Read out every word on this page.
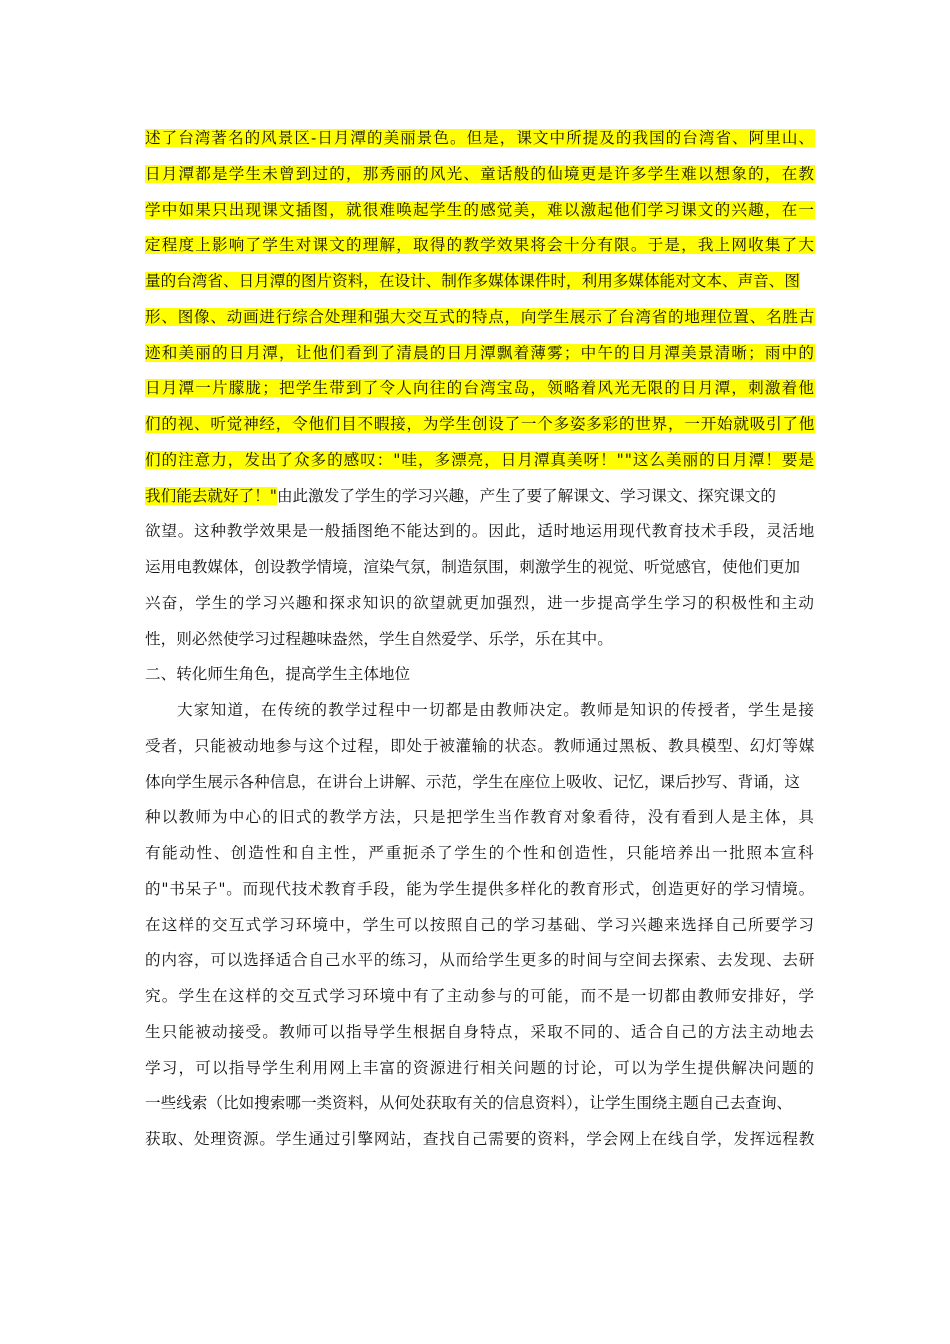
述了台湾著名的风景区-日月潭的美丽景色。但是，课文中所提及的我国的台湾省、阿里山、
日月潭都是学生未曾到过的，那秀丽的风光、童话般的仙境更是许多学生难以想象的，在教
学中如果只出现课文插图，就很难唤起学生的感觉美，难以激起他们学习课文的兴趣，在一
定程度上影响了学生对课文的理解，取得的教学效果将会十分有限。于是，我上网收集了大
量的台湾省、日月潭的图片资料，在设计、制作多媒体课件时，利用多媒体能对文本、声音、图
形、图像、动画进行综合处理和强大交互式的特点，向学生展示了台湾省的地理位置、名胜古
迹和美丽的日月潭，让他们看到了清晨的日月潭飘着薄雾；中午的日月潭美景清晰；雨中的
日月潭一片朦胧；把学生带到了令人向往的台湾宝岛，领略着风光无限的日月潭，刺激着他
们的视、听觉神经，令他们目不暇接，为学生创设了一个多姿多彩的世界，一开始就吸引了他
们的注意力，发出了众多的感叹："哇，多漂亮，日月潭真美呀！""这么美丽的日月潭！要是
我们能去就好了！"由此激发了学生的学习兴趣，产生了要了解课文、学习课文、探究课文的
欲望。这种教学效果是一般插图绝不能达到的。因此，适时地运用现代教育技术手段，灵活地
运用电教媒体，创设教学情境，渲染气氛，制造氛围，刺激学生的视觉、听觉感官，使他们更加
兴奋，学生的学习兴趣和探求知识的欲望就更加强烈，进一步提高学生学习的积极性和主动
性，则必然使学习过程趣味盎然，学生自然爱学、乐学，乐在其中。
二、转化师生角色，提高学生主体地位
大家知道，在传统的教学过程中一切都是由教师决定。教师是知识的传授者，学生是接
受者，只能被动地参与这个过程，即处于被灌输的状态。教师通过黑板、教具模型、幻灯等媒
体向学生展示各种信息，在讲台上讲解、示范，学生在座位上吸收、记忆，课后抄写、背诵，这
种以教师为中心的旧式的教学方法，只是把学生当作教育对象看待，没有看到人是主体，具
有能动性、创造性和自主性，严重扼杀了学生的个性和创造性，只能培养出一批照本宣科
的"书呆子"。而现代技术教育手段，能为学生提供多样化的教育形式，创造更好的学习情境。
在这样的交互式学习环境中，学生可以按照自己的学习基础、学习兴趣来选择自己所要学习
的内容，可以选择适合自己水平的练习，从而给学生更多的时间与空间去探索、去发现、去研
究。学生在这样的交互式学习环境中有了主动参与的可能，而不是一切都由教师安排好，学
生只能被动接受。教师可以指导学生根据自身特点，采取不同的、适合自己的方法主动地去
学习，可以指导学生利用网上丰富的资源进行相关问题的讨论，可以为学生提供解决问题的
一些线索（比如搜索哪一类资料，从何处获取有关的信息资料），让学生围绕主题自己去查询、
获取、处理资源。学生通过引擎网站，查找自己需要的资料，学会网上在线自学，发挥远程教
